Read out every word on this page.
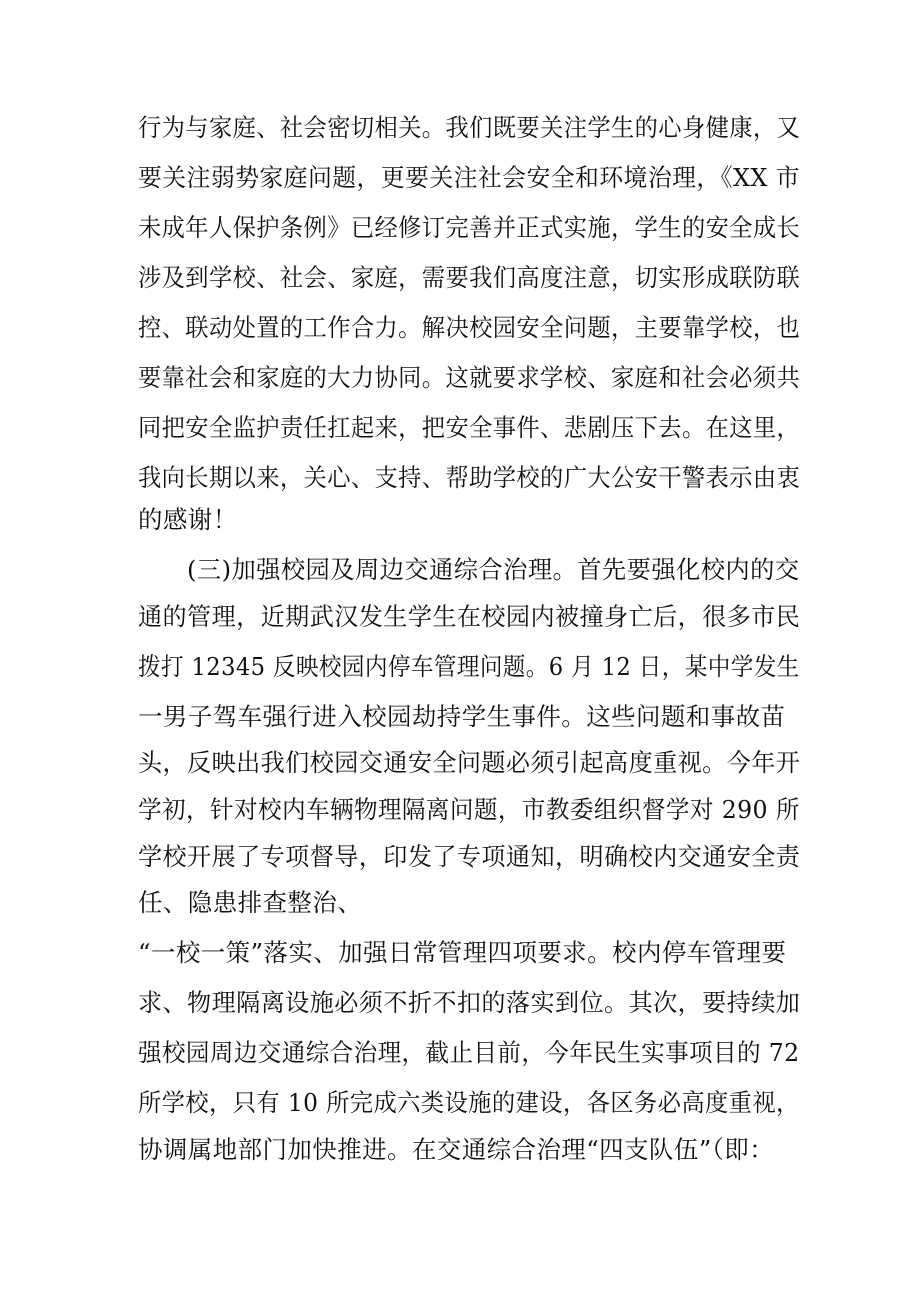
行为与家庭、社会密切相关。我们既要关注学生的心身健康，又
要关注弱势家庭问题，更要关注社会安全和环境治理，《XX 市
未成年人保护条例》已经修订完善并正式实施，学生的安全成长
涉及到学校、社会、家庭，需要我们高度注意，切实形成联防联
控、联动处置的工作合力。解决校园安全问题，主要靠学校，也
要靠社会和家庭的大力协同。这就要求学校、家庭和社会必须共
同把安全监护责任扛起来，把安全事件、悲剧压下去。在这里，
我向长期以来，关心、支持、帮助学校的广大公安干警表示由衷
的感谢！
(三)加强校园及周边交通综合治理。首先要强化校内的交
通的管理，近期武汉发生学生在校园内被撞身亡后，很多市民
拨打 12345 反映校园内停车管理问题。6 月 12 日，某中学发生
一男子驾车强行进入校园劫持学生事件。这些问题和事故苗
头，反映出我们校园交通安全问题必须引起高度重视。今年开
学初，针对校内车辆物理隔离问题，市教委组织督学对 290 所
学校开展了专项督导，印发了专项通知，明确校内交通安全责
任、隐患排查整治、
“一校一策”落实、加强日常管理四项要求。校内停车管理要
求、物理隔离设施必须不折不扣的落实到位。其次，要持续加
强校园周边交通综合治理，截止目前，今年民生实事项目的 72
所学校，只有 10 所完成六类设施的建设，各区务必高度重视，
协调属地部门加快推进。在交通综合治理“四支队伍”（即：
